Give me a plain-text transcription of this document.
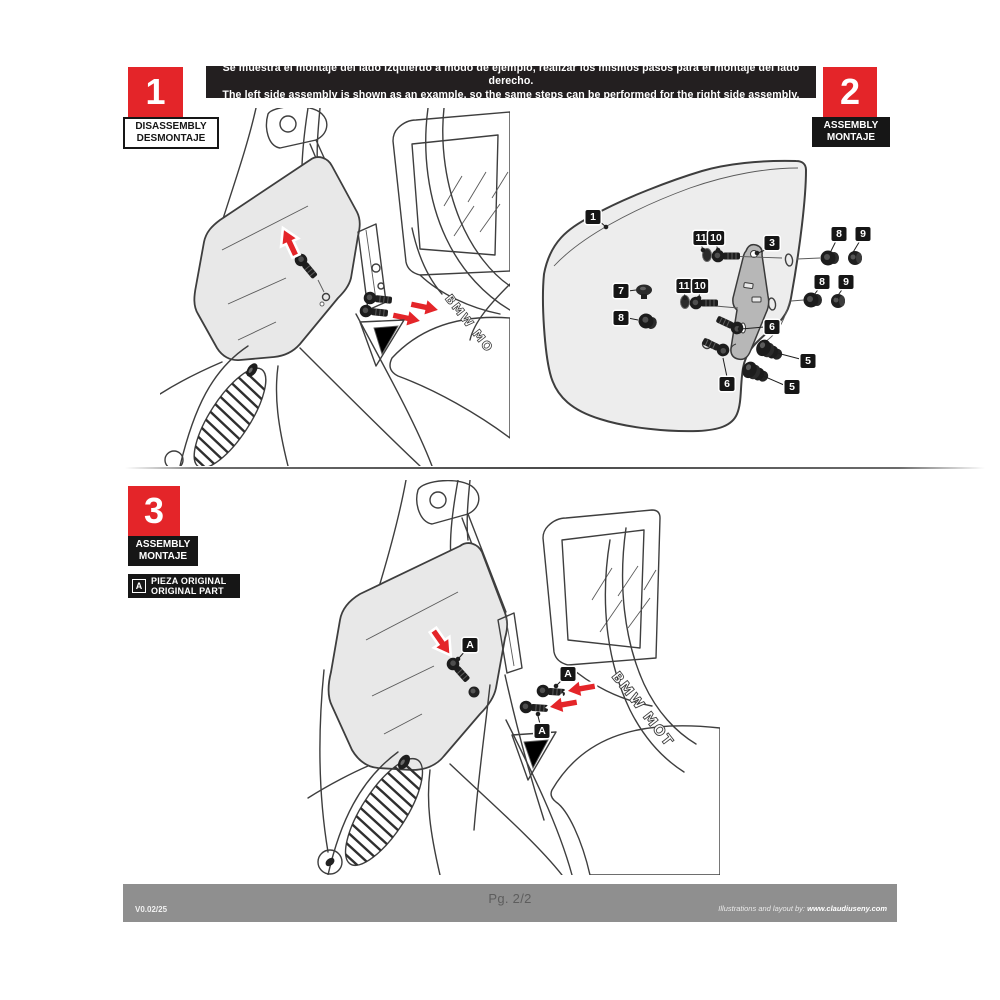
Se muestra el montaje del lado izquierdo a modo de ejemplo, realizar los mismos pasos para el montaje del lado derecho.
The left side assembly is shown as an example, so the same steps can be performed for the right side assembly.
1
DISASSEMBLY
DESMONTAJE
2
ASSEMBLY
MONTAJE
3
ASSEMBLY
MONTAJE
A
PIEZA ORIGINAL
ORIGINAL PART
BMW MO
1
11 10	3
8	9
7	11 10	8	9
8
6
5
6	5
BMW MOT
A
A
A
Pg. 2/2
V0.02/25	Illustrations and layout by: www.claudiuseny.com
